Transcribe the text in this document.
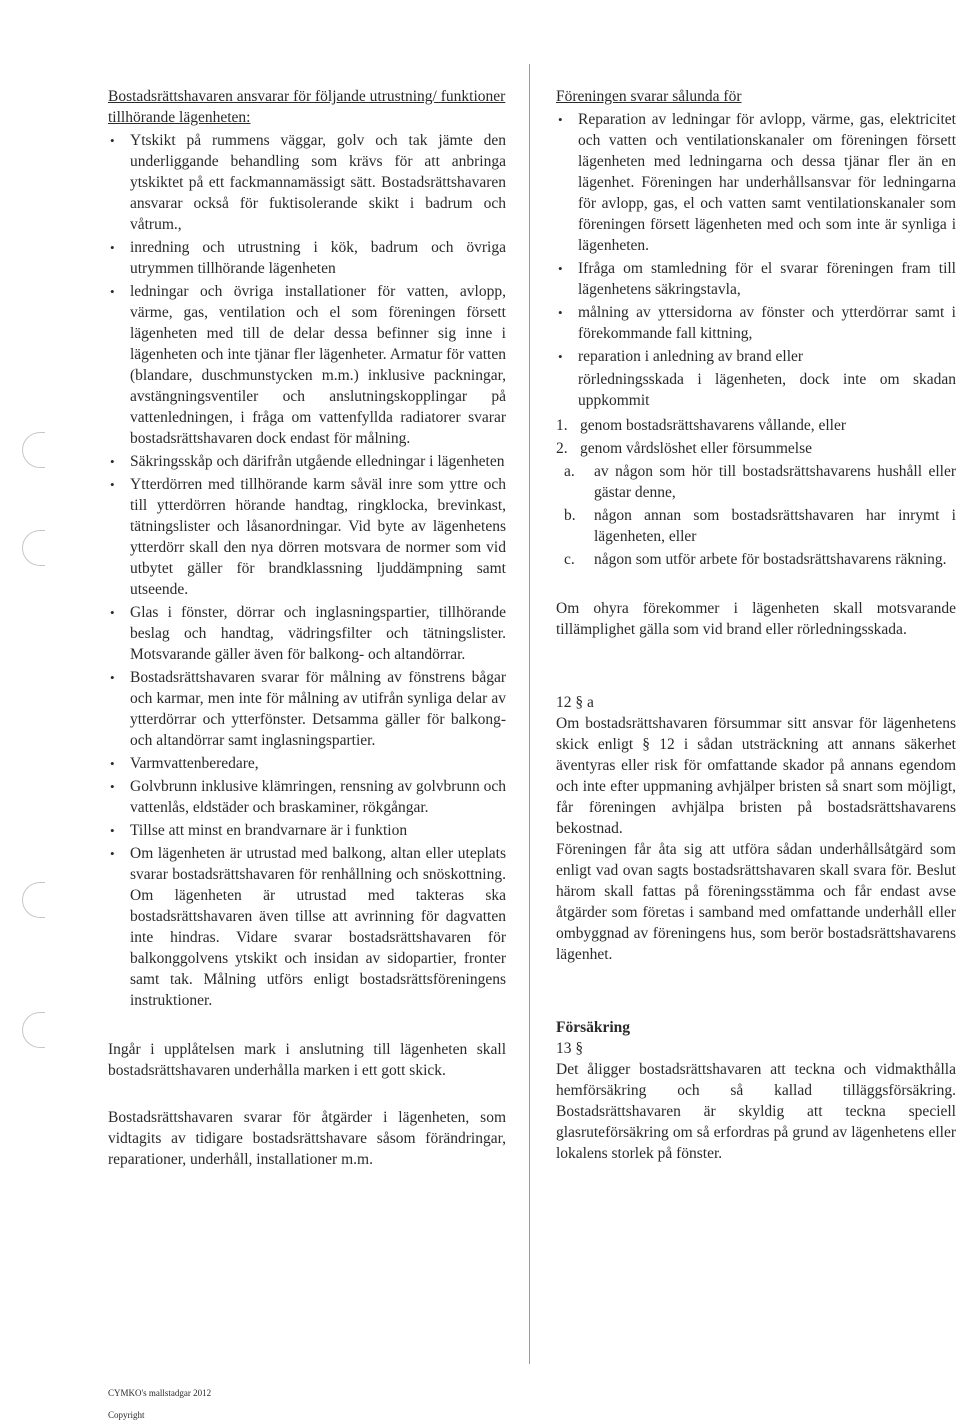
Bostadsrättshavaren ansvarar för följande utrustning/ funktioner tillhörande lägenheten:
• Ytskikt på rummens väggar, golv och tak jämte den underliggande behandling som krävs för att anbringa ytskiktet på ett fackmannamässigt sätt. Bostadsrättshavaren ansvarar också för fuktisolerande skikt i badrum och våtrum.,
• inredning och utrustning i kök, badrum och övriga utrymmen tillhörande lägenheten
• ledningar och övriga installationer för vatten, avlopp, värme, gas, ventilation och el som föreningen försett lägenheten med till de delar dessa befinner sig inne i lägenheten och inte tjänar fler lägenheter. Armatur för vatten (blandare, duschmunstycken m.m.) inklusive packningar, avstängningsventiler och anslutningskopplingar på vattenledningen, i fråga om vattenfyllda radiatorer svarar bostadsrättshavaren dock endast för målning.
• Säkringsskåp och därifrån utgående elledningar i lägenheten
• Ytterdörren med tillhörande karm såväl inre som yttre och till ytterdörren hörande handtag, ringklocka, brevinkast, tätningslister och låsanordningar. Vid byte av lägenhetens ytterdörr skall den nya dörren motsvara de normer som vid utbytet gäller för brandklassning ljuddämpning samt utseende.
• Glas i fönster, dörrar och inglasningspartier, tillhörande beslag och handtag, vädringsfilter och tätningslister. Motsvarande gäller även för balkong- och altandörrar.
• Bostadsrättshavaren svarar för målning av fönstrens bågar och karmar, men inte för målning av utifrån synliga delar av ytterdörrar och ytterfönster. Detsamma gäller för balkong- och altandörrar samt inglasningspartier.
• Varmvattenberedare,
• Golvbrunn inklusive klämringen, rensning av golvbrunn och vattenlås, eldstäder och braskaminer, rökgångar.
• Tillse att minst en brandvarnare är i funktion
• Om lägenheten är utrustad med balkong, altan eller uteplats svarar bostadsrättshavaren för renhållning och snöskottning. Om lägenheten är utrustad med takteras ska bostadsrättshavaren även tillse att avrinning för dagvatten inte hindras. Vidare svarar bostadsrättshavaren för balkonggolvens ytskikt och insidan av sidopartier, fronter samt tak. Målning utförs enligt bostadsrättsföreningens instruktioner.

Ingår i upplåtelsen mark i anslutning till lägenheten skall bostadsrättshavaren underhålla marken i ett gott skick.

Bostadsrättshavaren svarar för åtgärder i lägenheten, som vidtagits av tidigare bostadsrättshavare såsom förändringar, reparationer, underhåll, installationer m.m.

Föreningen svarar sålunda för
• Reparation av ledningar för avlopp, värme, gas, elektricitet och vatten och ventilationskanaler om föreningen försett lägenheten med ledningarna och dessa tjänar fler än en lägenhet. Föreningen har underhållsansvar för ledningarna för avlopp, gas, el och vatten samt ventilationskanaler som föreningen försett lägenheten med och som inte är synliga i lägenheten.
• Ifråga om stamledning för el svarar föreningen fram till lägenhetens säkringstavla,
• målning av yttersidorna av fönster och ytterdörrar samt i förekommande fall kittning,
• reparation i anledning av brand eller
rörledningsskada i lägenheten, dock inte om skadan uppkommit
1. genom bostadsrättshavarens vållande, eller
2. genom vårdslöshet eller försummelse
a.	av någon som hör till bostadsrättshavarens hushåll eller gästar denne,
b.	någon annan som bostadsrättshavaren har inrymt i lägenheten, eller
c.	någon som utför arbete för bostadsrättshavarens räkning.

Om ohyra förekommer i lägenheten skall motsvarande tillämplighet gälla som vid brand eller rörledningsskada.

12 § a

Om bostadsrättshavaren försummar sitt ansvar för lägenhetens skick enligt § 12 i sådan utsträckning att annans säkerhet äventyras eller risk för omfattande skador på annans egendom och inte efter uppmaning avhjälper bristen så snart som möjligt, får föreningen avhjälpa bristen på bostadsrättshavarens bekostnad.

Föreningen får åta sig att utföra sådan underhållsåtgärd som enligt vad ovan sagts bostadsrättshavaren skall svara för. Beslut härom skall fattas på föreningsstämma och får endast avse åtgärder som företas i samband med omfattande underhåll eller ombyggnad av föreningens hus, som berör bostadsrättshavarens lägenhet.

Försäkring
13 §

Det åligger bostadsrättshavaren att teckna och vidmakthålla hemförsäkring och så kallad tilläggsförsäkring. Bostadsrättshavaren är skyldig att teckna speciell glasruteförsäkring om så erfordras på grund av lägenhetens eller lokalens storlek på fönster.

CYMKO's mallstadgar 2012
Copyright
